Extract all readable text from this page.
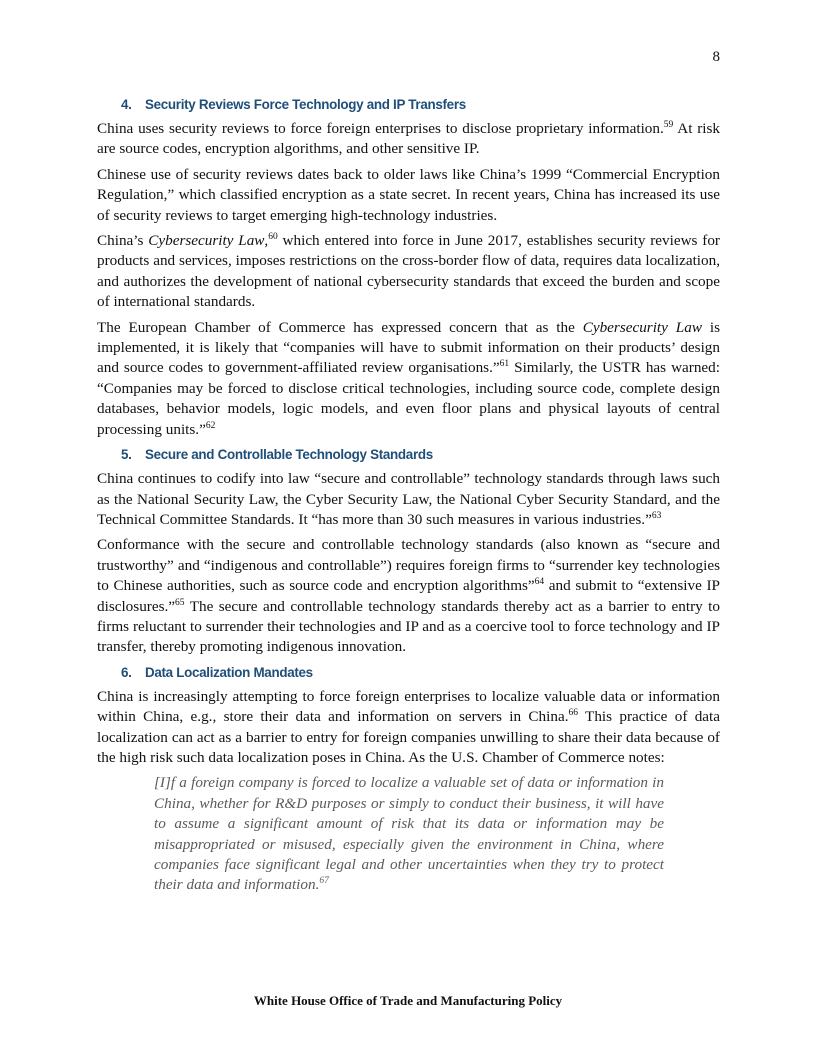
8
4. Security Reviews Force Technology and IP Transfers

China uses security reviews to force foreign enterprises to disclose proprietary information.$^{59}$ At risk are source codes, encryption algorithms, and other sensitive IP.

Chinese use of security reviews dates back to older laws like China’s 1999 “Commercial Encryption Regulation,” which classified encryption as a state secret. In recent years, China has increased its use of security reviews to target emerging high-technology industries.

China’s Cybersecurity Law,$^{60}$ which entered into force in June 2017, establishes security reviews for products and services, imposes restrictions on the cross-border flow of data, requires data localization, and authorizes the development of national cybersecurity standards that exceed the burden and scope of international standards.

The European Chamber of Commerce has expressed concern that as the Cybersecurity Law is implemented, it is likely that “companies will have to submit information on their products’ design and source codes to government-affiliated review organisations.”$^{61}$ Similarly, the USTR has warned: “Companies may be forced to disclose critical technologies, including source code, complete design databases, behavior models, logic models, and even floor plans and physical layouts of central processing units.”$^{62}$

5. Secure and Controllable Technology Standards

China continues to codify into law “secure and controllable” technology standards through laws such as the National Security Law, the Cyber Security Law, the National Cyber Security Standard, and the Technical Committee Standards. It “has more than 30 such measures in various industries.”$^{63}$

Conformance with the secure and controllable technology standards (also known as “secure and trustworthy” and “indigenous and controllable”) requires foreign firms to “surrender key technologies to Chinese authorities, such as source code and encryption algorithms”$^{64}$ and submit to “extensive IP disclosures.”$^{65}$ The secure and controllable technology standards thereby act as a barrier to entry to firms reluctant to surrender their technologies and IP and as a coercive tool to force technology and IP transfer, thereby promoting indigenous innovation.

6. Data Localization Mandates

China is increasingly attempting to force foreign enterprises to localize valuable data or information within China, e.g., store their data and information on servers in China.$^{66}$ This practice of data localization can act as a barrier to entry for foreign companies unwilling to share their data because of the high risk such data localization poses in China. As the U.S. Chamber of Commerce notes:

[I]f a foreign company is forced to localize a valuable set of data or information in China, whether for R&D purposes or simply to conduct their business, it will have to assume a significant amount of risk that its data or information may be misappropriated or misused, especially given the environment in China, where companies face significant legal and other uncertainties when they try to protect their data and information.$^{67}$
White House Office of Trade and Manufacturing Policy
